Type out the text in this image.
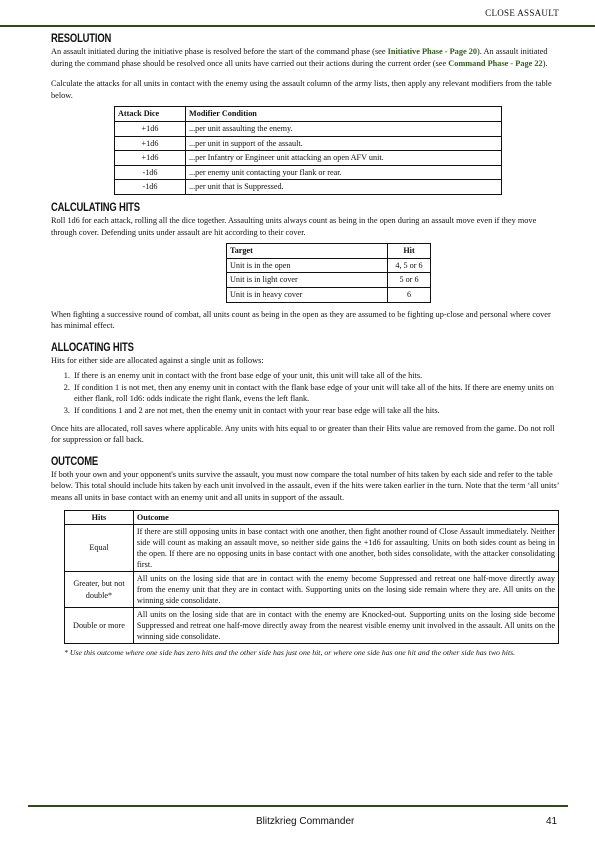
CLOSE ASSAULT
RESOLUTION

An assault initiated during the initiative phase is resolved before the start of the command phase (see Initiative Phase - Page 20). An assault initiated during the command phase should be resolved once all units have carried out their actions during the current order (see Command Phase - Page 22).

Calculate the attacks for all units in contact with the enemy using the assault column of the army lists, then apply any relevant modifiers from the table below.

Attack Dice	Modifier Condition
+1d6	...per unit assaulting the enemy.
+1d6	...per unit in support of the assault.
+1d6	...per Infantry or Engineer unit attacking an open AFV unit.
-1d6	...per enemy unit contacting your flank or rear.
-1d6	...per unit that is Suppressed.
CALCULATING HITS

Roll 1d6 for each attack, rolling all the dice together. Assaulting units always count as being in the open during an assault move even if they move through cover. Defending units under assault are hit according to their cover.

Target	Hit
Unit is in the open	4, 5 or 6
Unit is in light cover	5 or 6
Unit is in heavy cover	6

When fighting a successive round of combat, all units count as being in the open as they are assumed to be fighting up-close and personal where cover has minimal effect.

ALLOCATING HITS

Hits for either side are allocated against a single unit as follows:

1. If there is an enemy unit in contact with the front base edge of your unit, this unit will take all of the hits.
2. If condition 1 is not met, then any enemy unit in contact with the flank base edge of your unit will take all of the hits. If there are enemy units on either flank, roll 1d6: odds indicate the right flank, evens the left flank.
3. If conditions 1 and 2 are not met, then the enemy unit in contact with your rear base edge will take all the hits.

Once hits are allocated, roll saves where applicable. Any units with hits equal to or greater than their Hits value are removed from the game. Do not roll for suppression or fall back.

OUTCOME

If both your own and your opponent's units survive the assault, you must now compare the total number of hits taken by each side and refer to the table below. This total should include hits taken by each unit involved in the assault, even if the hits were taken earlier in the turn. Note that the term ‘all units’ means all units in base contact with an enemy unit and all units in support of the assault.

Hits	Outcome
Equal	If there are still opposing units in base contact with one another, then fight another round of Close Assault immediately. Neither side will count as making an assault move, so neither side gains the +1d6 for assaulting. Units on both sides count as being in the open. If there are no opposing units in base contact with one another, both sides consolidate, with the attacker consolidating first.
Greater, but not double*	All units on the losing side that are in contact with the enemy become Suppressed and retreat one half-move directly away from the enemy unit that they are in contact with. Supporting units on the losing side remain where they are. All units on the winning side consolidate.
Double or more	All units on the losing side that are in contact with the enemy are Knocked-out. Supporting units on the losing side become Suppressed and retreat one half-move directly away from the nearest visible enemy unit involved in the assault. All units on the winning side consolidate.

* Use this outcome where one side has zero hits and the other side has just one hit, or where one side has one hit and the other side has two hits.

Blitzkrieg Commander	41
